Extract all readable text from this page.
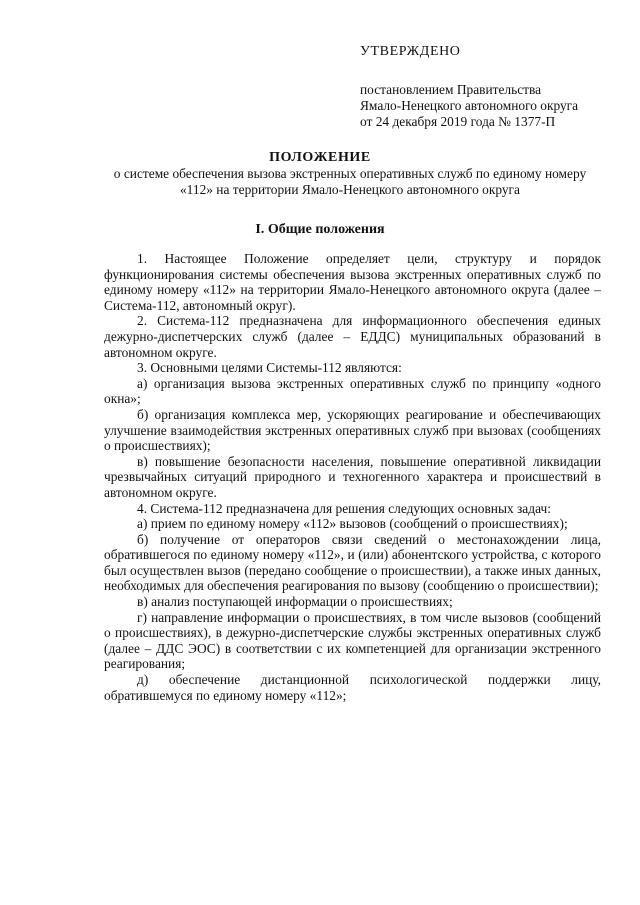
УТВЕРЖДЕНО
постановлением Правительства
Ямало-Ненецкого автономного округа
от 24 декабря 2019 года № 1377-П
ПОЛОЖЕНИЕ
о системе обеспечения вызова экстренных оперативных служб по единому номеру «112» на территории Ямало-Ненецкого автономного округа
I. Общие положения

1. Настоящее Положение определяет цели, структуру и порядок функционирования системы обеспечения вызова экстренных оперативных служб по единому номеру «112» на территории Ямало-Ненецкого автономного округа (далее – Система-112, автономный округ).

2. Система-112 предназначена для информационного обеспечения единых дежурно-диспетчерских служб (далее – ЕДДС) муниципальных образований в автономном округе.

3. Основными целями Системы-112 являются:

а) организация вызова экстренных оперативных служб по принципу «одного окна»;

б) организация комплекса мер, ускоряющих реагирование и обеспечивающих улучшение взаимодействия экстренных оперативных служб при вызовах (сообщениях о происшествиях);

в) повышение безопасности населения, повышение оперативной ликвидации чрезвычайных ситуаций природного и техногенного характера и происшествий в автономном округе.

4. Система-112 предназначена для решения следующих основных задач:

а) прием по единому номеру «112» вызовов (сообщений о происшествиях);

б) получение от операторов связи сведений о местонахождении лица, обратившегося по единому номеру «112», и (или) абонентского устройства, с которого был осуществлен вызов (передано сообщение о происшествии), а также иных данных, необходимых для обеспечения реагирования по вызову (сообщению о происшествии);

в) анализ поступающей информации о происшествиях;

г) направление информации о происшествиях, в том числе вызовов (сообщений о происшествиях), в дежурно-диспетчерские службы экстренных оперативных служб (далее – ДДС ЭОС) в соответствии с их компетенцией для организации экстренного реагирования;

д) обеспечение дистанционной психологической поддержки лицу, обратившемуся по единому номеру «112»;
